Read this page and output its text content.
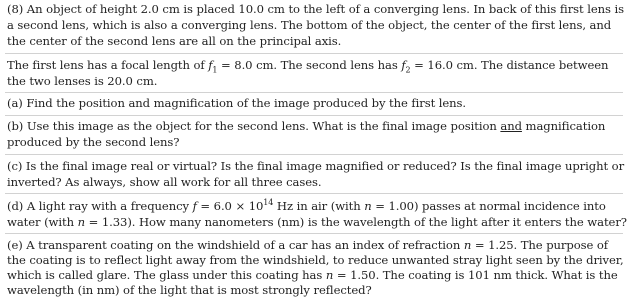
(8) An object of height 2.0 cm is placed 10.0 cm to the left of a converging lens. In back of this first lens is
a second lens, which is also a converging lens. The bottom of the object, the center of the first lens, and
the center of the second lens are all on the principal axis.
The first lens has a focal length of $f_1 = 8.0$ cm. The second lens has $f_2 = 16.0$ cm. The distance between
the two lenses is 20.0 cm.
(a) Find the position and magnification of the image produced by the first lens.
(b) Use this image as the object for the second lens. What is the final image position and magnification
produced by the second lens?
(c) Is the final image real or virtual? Is the final image magnified or reduced? Is the final image upright or
inverted? As always, show all work for all three cases.
(d) A light ray with a frequency $f = 6.0 \times 10^{14}$ Hz in air (with n = 1.00) passes at normal incidence into
water (with n = 1.33). How many nanometers (nm) is the wavelength of the light after it enters the water?
(e) A transparent coating on the windshield of a car has an index of refraction n = 1.25. The purpose of
the coating is to reflect light away from the windshield, to reduce unwanted stray light seen by the driver,
which is called glare. The glass under this coating has n = 1.50. The coating is 101 nm thick. What is the
wavelength (in nm) of the light that is most strongly reflected?
